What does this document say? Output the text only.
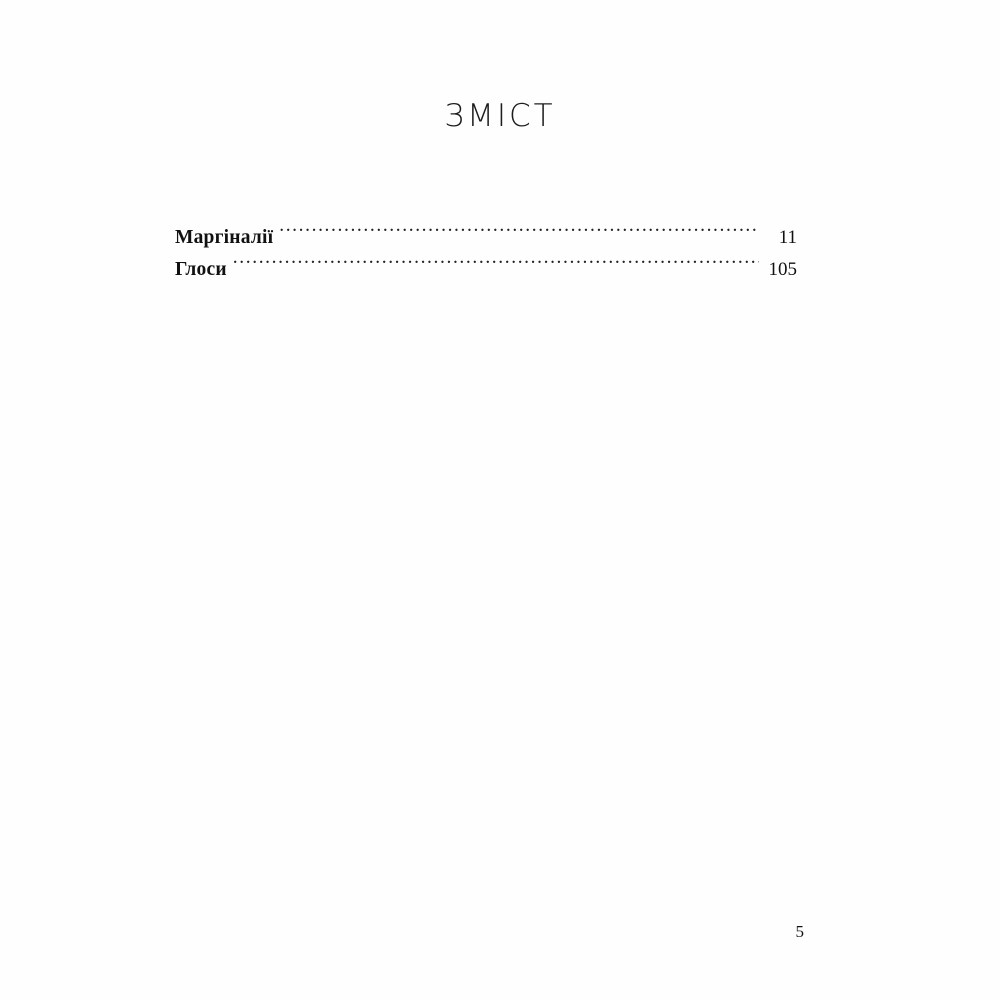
ЗМІСТ
Маргіналії .....	11
Глоси .....	105
5
